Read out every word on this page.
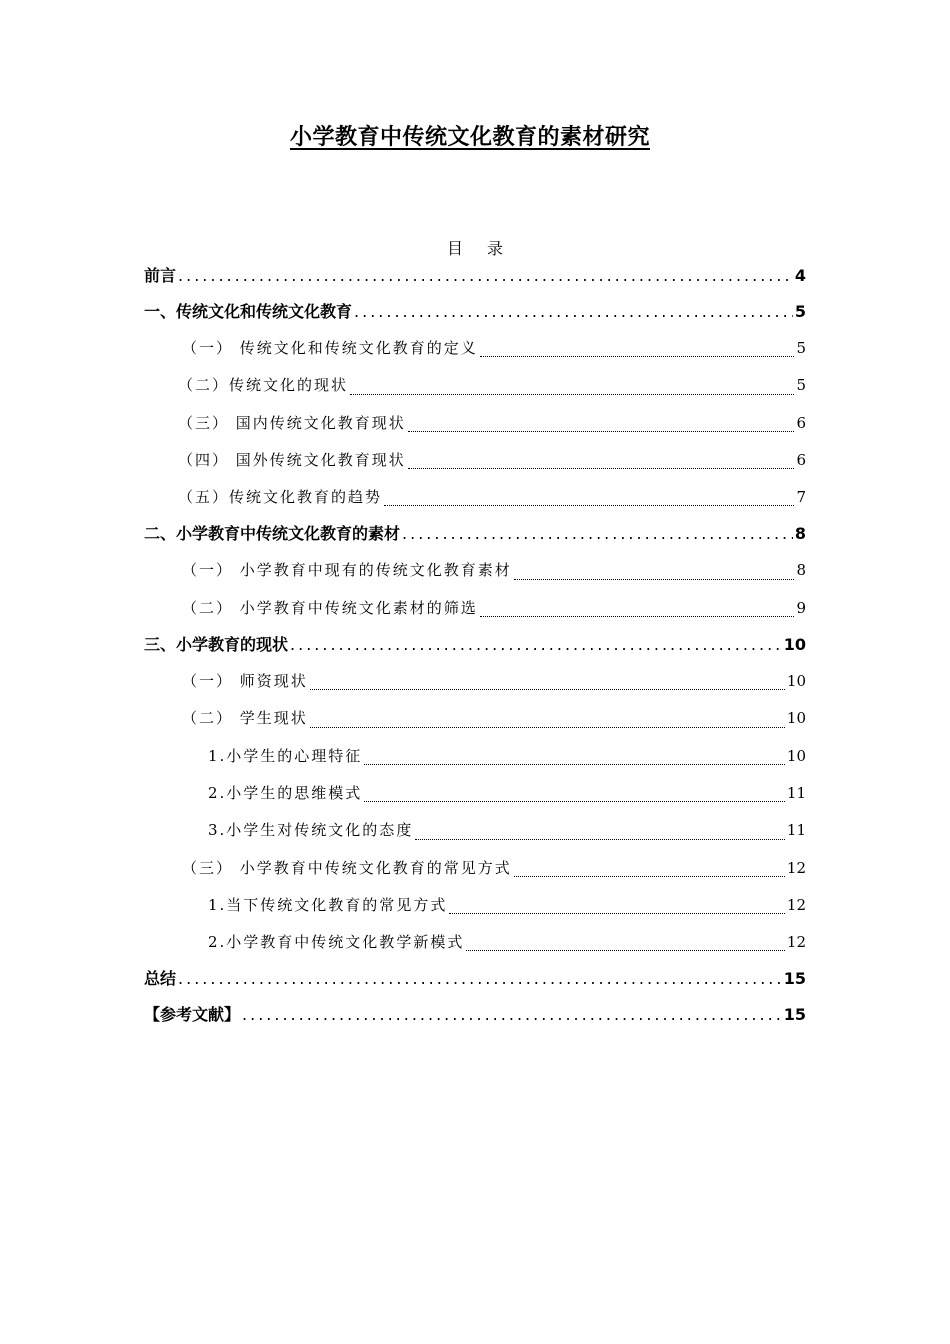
小学教育中传统文化教育的素材研究
目录
前言 .....	4
一、传统文化和传统文化教育 .....	5
（一） 传统文化和传统文化教育的定义	5
（二）传统文化的现状	5
（三） 国内传统文化教育现状	6
（四） 国外传统文化教育现状	6
（五）传统文化教育的趋势	7
二、小学教育中传统文化教育的素材 .....	8
（一） 小学教育中现有的传统文化教育素材	8
（二） 小学教育中传统文化素材的筛选	9
三、小学教育的现状 .....	10
（一） 师资现状	10
（二） 学生现状	10
1.小学生的心理特征	10
2.小学生的思维模式	11
3.小学生对传统文化的态度	11
（三） 小学教育中传统文化教育的常见方式	12
1.当下传统文化教育的常见方式	12
2.小学教育中传统文化教学新模式	12
总结 .....	15
【参考文献】 .....	15
